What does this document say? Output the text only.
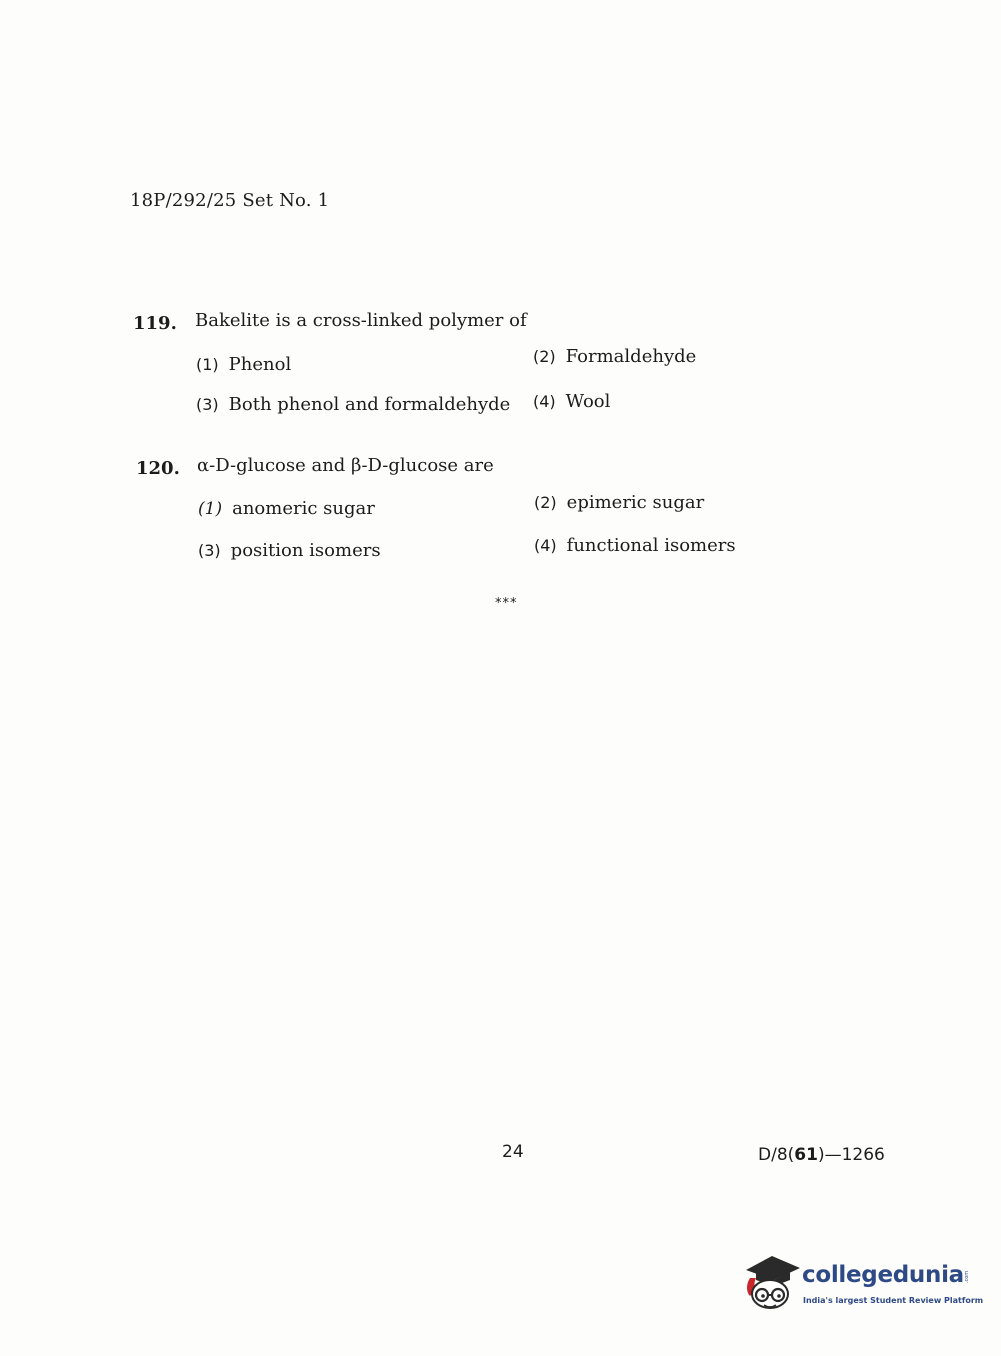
18P/292/25 Set No. 1
119. Bakelite is a cross-linked polymer of
(1) Phenol	(2) Formaldehyde
(3) Both phenol and formaldehyde (4) Wool
120. α-D-glucose and β-D-glucose are
(1) anomeric sugar	(2) epimeric sugar
(3) position isomers	(4) functional isomers
***
24	D/8(61)—1266
collegedunia .com
India's largest Student Review Platform
